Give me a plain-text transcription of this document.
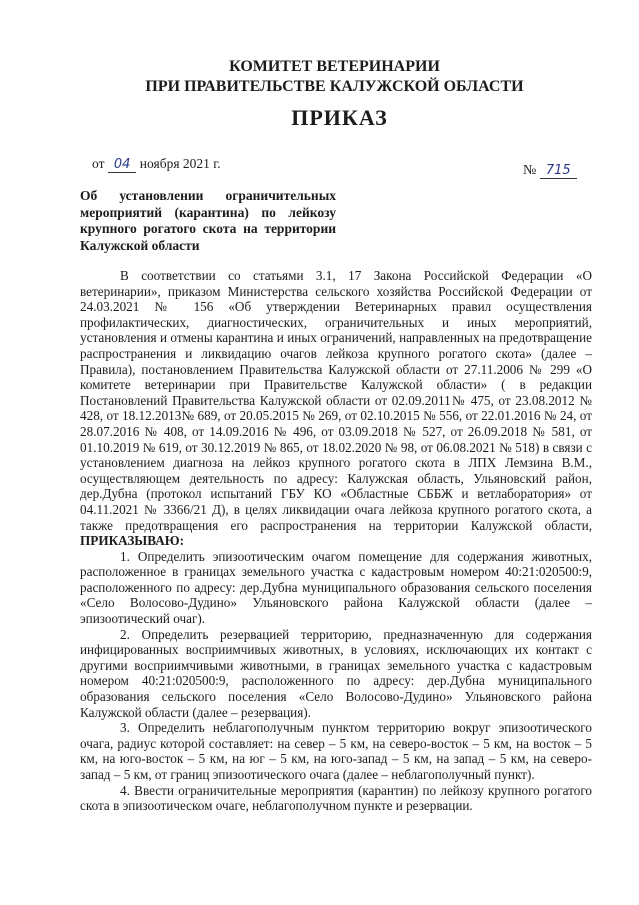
КОМИТЕТ ВЕТЕРИНАРИИ
ПРИ ПРАВИТЕЛЬСТВЕ КАЛУЖСКОЙ ОБЛАСТИ
ПРИКАЗ
от 04 ноября 2021 г.	№ 715
Об установлении ограничительных мероприятий (карантина) по лейкозу крупного рогатого скота на территории Калужской области

В соответствии со статьями 3.1, 17 Закона Российской Федерации «О ветеринарии», приказом Министерства сельского хозяйства Российской Федерации от 24.03.2021 № 156 «Об утверждении Ветеринарных правил осуществления профилактических, диагностических, ограничительных и иных мероприятий, установления и отмены карантина и иных ограничений, направленных на предотвращение распространения и ликвидацию очагов лейкоза крупного рогатого скота» (далее – Правила), постановлением Правительства Калужской области от 27.11.2006 № 299 «О комитете ветеринарии при Правительстве Калужской области» ( в редакции Постановлений Правительства Калужской области от 02.09.2011№ 475, от 23.08.2012 № 428, от 18.12.2013№ 689, от 20.05.2015 № 269, от 02.10.2015 № 556, от 22.01.2016 № 24, от 28.07.2016 № 408, от 14.09.2016 № 496, от 03.09.2018 № 527, от 26.09.2018 № 581, от 01.10.2019 № 619, от 30.12.2019 № 865, от 18.02.2020 № 98, от 06.08.2021 № 518) в связи с установлением диагноза на лейкоз крупного рогатого скота в ЛПХ Лемзина В.М., осуществляющем деятельность по адресу: Калужская область, Ульяновский район, дер.Дубна (протокол испытаний ГБУ КО «Областные СББЖ и ветлаборатория» от 04.11.2021 № 3366/21 Д), в целях ликвидации очага лейкоза крупного рогатого скота, а также предотвращения его распространения на территории Калужской области, ПРИКАЗЫВАЮ:

1. Определить эпизоотическим очагом помещение для содержания животных, расположенное в границах земельного участка с кадастровым номером 40:21:020500:9, расположенного по адресу: дер.Дубна муниципального образования сельского поселения «Село Волосово-Дудино» Ульяновского района Калужской области (далее – эпизоотический очаг).

2. Определить резервацией территорию, предназначенную для содержания инфицированных восприимчивых животных, в условиях, исключающих их контакт с другими восприимчивыми животными, в границах земельного участка с кадастровым номером 40:21:020500:9, расположенного по адресу: дер.Дубна муниципального образования сельского поселения «Село Волосово-Дудино» Ульяновского района Калужской области (далее – резервация).

3. Определить неблагополучным пунктом территорию вокруг эпизоотического очага, радиус которой составляет: на север – 5 км, на северо-восток – 5 км, на восток – 5 км, на юго-восток – 5 км, на юг – 5 км, на юго-запад – 5 км, на запад – 5 км, на северо-запад – 5 км, от границ эпизоотического очага (далее – неблагополучный пункт).

4. Ввести ограничительные мероприятия (карантин) по лейкозу крупного рогатого скота в эпизоотическом очаге, неблагополучном пункте и резервации.
